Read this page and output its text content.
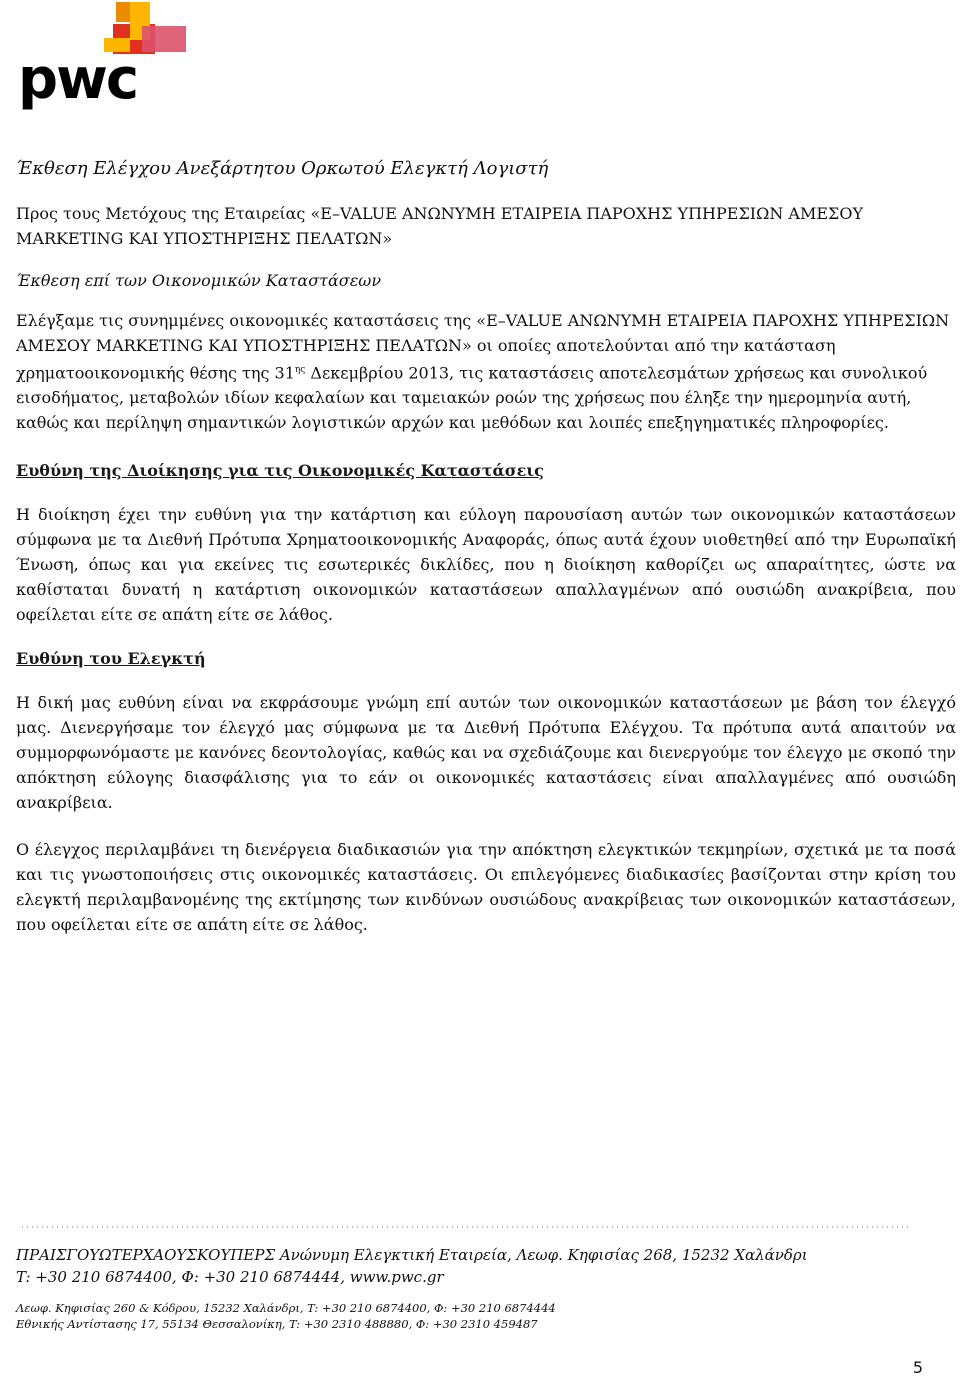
pwc
Έκθεση Ελέγχου Ανεξάρτητου Ορκωτού Ελεγκτή Λογιστή
Προς τους Μετόχους της Εταιρείας «E–VALUE ΑΝΩΝΥΜΗ ΕΤΑΙΡΕΙΑ ΠΑΡΟΧΗΣ ΥΠΗΡΕΣΙΩΝ ΑΜΕΣΟΥ MARKETING ΚΑΙ ΥΠΟΣΤΗΡΙΞΗΣ ΠΕΛΑΤΩΝ»
Έκθεση επί των Οικονομικών Καταστάσεων
Ελέγξαμε τις συνημμένες οικονομικές καταστάσεις της «E–VALUE ΑΝΩΝΥΜΗ ΕΤΑΙΡΕΙΑ ΠΑΡΟΧΗΣ ΥΠΗΡΕΣΙΩΝ ΑΜΕΣΟΥ MARKETING ΚΑΙ ΥΠΟΣΤΗΡΙΞΗΣ ΠΕΛΑΤΩΝ» οι οποίες αποτελούνται από την κατάσταση χρηματοοικονομικής θέσης της $31^{\eta\varsigma}$ Δεκεμβρίου 2013, τις καταστάσεις αποτελεσμάτων χρήσεως και συνολικού εισοδήματος, μεταβολών ιδίων κεφαλαίων και ταμειακών ροών της χρήσεως που έληξε την ημερομηνία αυτή, καθώς και περίληψη σημαντικών λογιστικών αρχών και μεθόδων και λοιπές επεξηγηματικές πληροφορίες.
Ευθύνη της Διοίκησης για τις Οικονομικές Καταστάσεις
Η διοίκηση έχει την ευθύνη για την κατάρτιση και εύλογη παρουσίαση αυτών των οικονομικών καταστάσεων σύμφωνα με τα Διεθνή Πρότυπα Χρηματοοικονομικής Αναφοράς, όπως αυτά έχουν υιοθετηθεί από την Ευρωπαϊκή Ένωση, όπως και για εκείνες τις εσωτερικές δικλίδες, που η διοίκηση καθορίζει ως απαραίτητες, ώστε να καθίσταται δυνατή η κατάρτιση οικονομικών καταστάσεων απαλλαγμένων από ουσιώδη ανακρίβεια, που οφείλεται είτε σε απάτη είτε σε λάθος.
Ευθύνη του Ελεγκτή
Η δική μας ευθύνη είναι να εκφράσουμε γνώμη επί αυτών των οικονομικών καταστάσεων με βάση τον έλεγχό μας. Διενεργήσαμε τον έλεγχό μας σύμφωνα με τα Διεθνή Πρότυπα Ελέγχου. Τα πρότυπα αυτά απαιτούν να συμμορφωνόμαστε με κανόνες δεοντολογίας, καθώς και να σχεδιάζουμε και διενεργούμε τον έλεγχο με σκοπό την απόκτηση εύλογης διασφάλισης για το εάν οι οικονομικές καταστάσεις είναι απαλλαγμένες από ουσιώδη ανακρίβεια.
Ο έλεγχος περιλαμβάνει τη διενέργεια διαδικασιών για την απόκτηση ελεγκτικών τεκμηρίων, σχετικά με τα ποσά και τις γνωστοποιήσεις στις οικονομικές καταστάσεις. Οι επιλεγόμενες διαδικασίες βασίζονται στην κρίση του ελεγκτή περιλαμβανομένης της εκτίμησης των κινδύνων ουσιώδους ανακρίβειας των οικονομικών καταστάσεων, που οφείλεται είτε σε απάτη είτε σε λάθος.
ΠΡΑΙΣΓΟΥΩΤΕΡΧΑΟΥΣΚΟΥΠΕΡΣ Ανώνυμη Ελεγκτική Εταιρεία, Λεωφ. Κηφισίας 268, 15232 Χαλάνδρι
T: +30 210 6874400, Φ: +30 210 6874444, www.pwc.gr
Λεωφ. Κηφισίας 260 & Κόδρου, 15232 Χαλάνδρι, T: +30 210 6874400, Φ: +30 210 6874444
Εθνικής Αντίστασης 17, 55134 Θεσσαλονίκη, T: +30 2310 488880, Φ: +30 2310 459487
5
